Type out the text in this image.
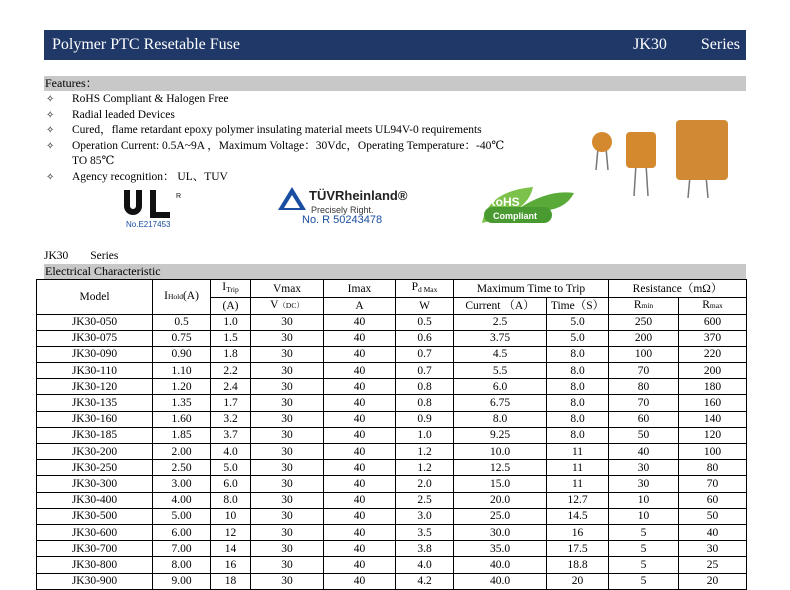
Polymer PTC Resetable Fuse	JK30 Series
Features：
✧ RoHS Compliant & Halogen Free
✧ Radial leaded Devices
✧ Cured，flame retardant epoxy polymer insulating material meets UL94V-0 requirements
✧ Operation Current: 0.5A~9A ，Maximum Voltage：30Vdc，Operating Temperature：-40℃
TO 85℃
✧ Agency recognition： UL、TUV
R
No.E217453
TÜVRheinland®
Precisely Right.
No. R 50243478
RoHS
Compliant
JK30 Series
Electrical Characteristic
Model	IHold(A)	$I_{Trip}$	Vmax	Imax	$P_{d Max}$	Maximum Time to Trip		Resistance（mΩ）	
		(A)	V（DC）	A	W	Current （A）	Time（S）	Rmin	Rmax
JK30-050	0.5	1.0	30	40	0.5	2.5	5.0	250	600
JK30-075	0.75	1.5	30	40	0.6	3.75	5.0	200	370
JK30-090	0.90	1.8	30	40	0.7	4.5	8.0	100	220
JK30-110	1.10	2.2	30	40	0.7	5.5	8.0	70	200
JK30-120	1.20	2.4	30	40	0.8	6.0	8.0	80	180
JK30-135	1.35	1.7	30	40	0.8	6.75	8.0	70	160
JK30-160	1.60	3.2	30	40	0.9	8.0	8.0	60	140
JK30-185	1.85	3.7	30	40	1.0	9.25	8.0	50	120
JK30-200	2.00	4.0	30	40	1.2	10.0	11	40	100
JK30-250	2.50	5.0	30	40	1.2	12.5	11	30	80
JK30-300	3.00	6.0	30	40	2.0	15.0	11	30	70
JK30-400	4.00	8.0	30	40	2.5	20.0	12.7	10	60
JK30-500	5.00	10	30	40	3.0	25.0	14.5	10	50
JK30-600	6.00	12	30	40	3.5	30.0	16	5	40
JK30-700	7.00	14	30	40	3.8	35.0	17.5	5	30
JK30-800	8.00	16	30	40	4.0	40.0	18.8	5	25
JK30-900	9.00	18	30	40	4.2	40.0	20	5	20
